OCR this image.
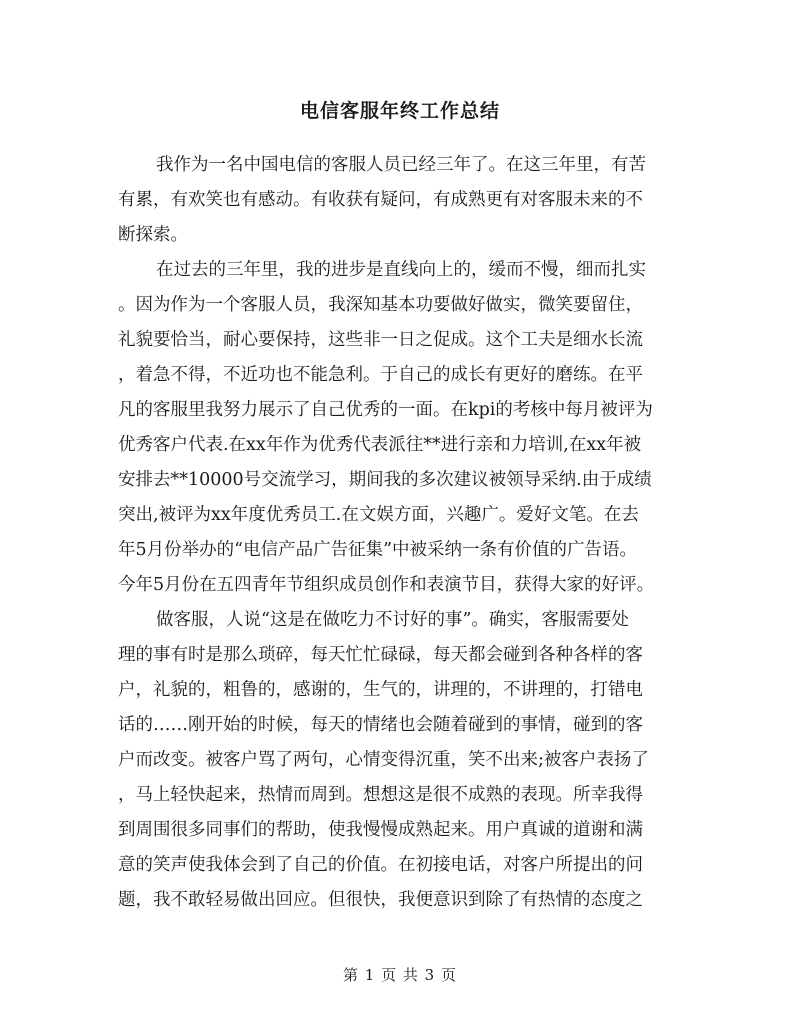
电信客服年终工作总结
我作为一名中国电信的客服人员已经三年了。在这三年里，有苦
有累，有欢笑也有感动。有收获有疑问，有成熟更有对客服未来的不
断探索。
在过去的三年里，我的进步是直线向上的，缓而不慢，细而扎实
。因为作为一个客服人员，我深知基本功要做好做实，微笑要留住，
礼貌要恰当，耐心要保持，这些非一日之促成。这个工夫是细水长流
，着急不得，不近功也不能急利。于自己的成长有更好的磨练。在平
凡的客服里我努力展示了自己优秀的一面。在kpi的考核中每月被评为
优秀客户代表.在xx年作为优秀代表派往**进行亲和力培训,在xx年被
安排去**10000号交流学习，期间我的多次建议被领导采纳.由于成绩
突出,被评为xx年度优秀员工.在文娱方面，兴趣广。爱好文笔。在去
年5月份举办的“电信产品广告征集”中被采纳一条有价值的广告语。
今年5月份在五四青年节组织成员创作和表演节目，获得大家的好评。
做客服，人说“这是在做吃力不讨好的事”。确实，客服需要处
理的事有时是那么琐碎，每天忙忙碌碌，每天都会碰到各种各样的客
户，礼貌的，粗鲁的，感谢的，生气的，讲理的，不讲理的，打错电
话的……刚开始的时候，每天的情绪也会随着碰到的事情，碰到的客
户而改变。被客户骂了两句，心情变得沉重，笑不出来;被客户表扬了
，马上轻快起来，热情而周到。想想这是很不成熟的表现。所幸我得
到周围很多同事们的帮助，使我慢慢成熟起来。用户真诚的道谢和满
意的笑声使我体会到了自己的价值。在初接电话，对客户所提出的问
题，我不敢轻易做出回应。但很快，我便意识到除了有热情的态度之
第 1 页 共 3 页
